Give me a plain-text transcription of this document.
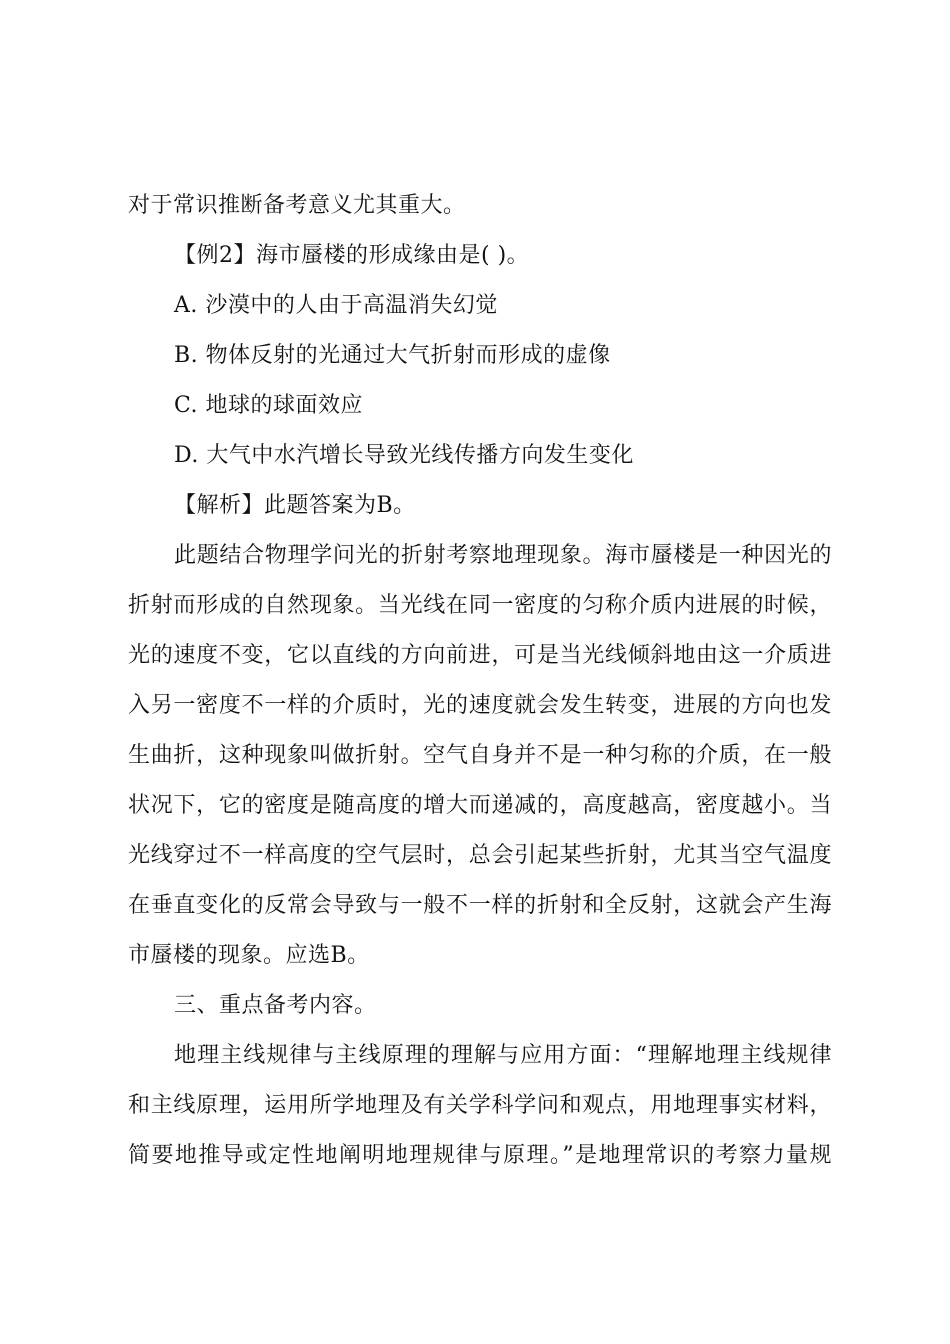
对于常识推断备考意义尤其重大。
【例2】海市蜃楼的形成缘由是( )。
A. 沙漠中的人由于高温消失幻觉
B. 物体反射的光通过大气折射而形成的虚像
C. 地球的球面效应
D. 大气中水汽增长导致光线传播方向发生变化
【解析】此题答案为B。
此题结合物理学问光的折射考察地理现象。海市蜃楼是一种因光的
折射而形成的自然现象。当光线在同一密度的匀称介质内进展的时候，
光的速度不变，它以直线的方向前进，可是当光线倾斜地由这一介质进
入另一密度不一样的介质时，光的速度就会发生转变，进展的方向也发
生曲折，这种现象叫做折射。空气自身并不是一种匀称的介质，在一般
状况下，它的密度是随高度的增大而递减的，高度越高，密度越小。当
光线穿过不一样高度的空气层时，总会引起某些折射，尤其当空气温度
在垂直变化的反常会导致与一般不一样的折射和全反射，这就会产生海
市蜃楼的现象。应选B。
三、重点备考内容。
地理主线规律与主线原理的理解与应用方面：“理解地理主线规律
和主线原理，运用所学地理及有关学科学问和观点，用地理事实材料，
简要地推导或定性地阐明地理规律与原理。”是地理常识的考察力量规
